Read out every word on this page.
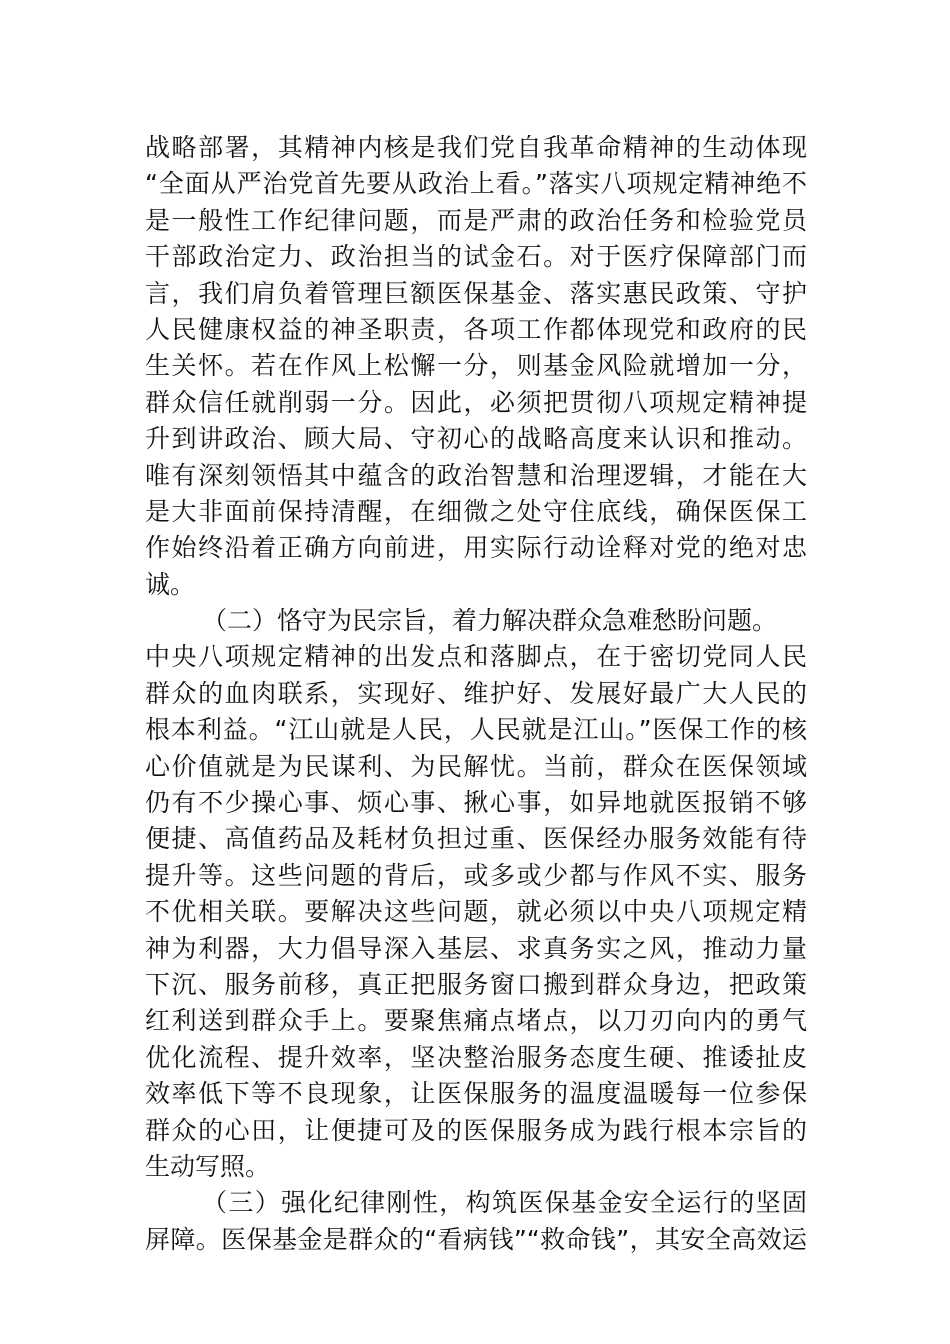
战略部署，其精神内核是我们党自我革命精神的生动体现
“全面从严治党首先要从政治上看。”落实八项规定精神绝不
是一般性工作纪律问题，而是严肃的政治任务和检验党员
干部政治定力、政治担当的试金石。对于医疗保障部门而
言，我们肩负着管理巨额医保基金、落实惠民政策、守护
人民健康权益的神圣职责，各项工作都体现党和政府的民
生关怀。若在作风上松懈一分，则基金风险就增加一分，
群众信任就削弱一分。因此，必须把贯彻八项规定精神提
升到讲政治、顾大局、守初心的战略高度来认识和推动。
唯有深刻领悟其中蕴含的政治智慧和治理逻辑，才能在大
是大非面前保持清醒，在细微之处守住底线，确保医保工
作始终沿着正确方向前进，用实际行动诠释对党的绝对忠
诚。
（二）恪守为民宗旨，着力解决群众急难愁盼问题。
中央八项规定精神的出发点和落脚点，在于密切党同人民
群众的血肉联系，实现好、维护好、发展好最广大人民的
根本利益。“江山就是人民，人民就是江山。”医保工作的核
心价值就是为民谋利、为民解忧。当前，群众在医保领域
仍有不少操心事、烦心事、揪心事，如异地就医报销不够
便捷、高值药品及耗材负担过重、医保经办服务效能有待
提升等。这些问题的背后，或多或少都与作风不实、服务
不优相关联。要解决这些问题，就必须以中央八项规定精
神为利器，大力倡导深入基层、求真务实之风，推动力量
下沉、服务前移，真正把服务窗口搬到群众身边，把政策
红利送到群众手上。要聚焦痛点堵点，以刀刃向内的勇气
优化流程、提升效率，坚决整治服务态度生硬、推诿扯皮
效率低下等不良现象，让医保服务的温度温暖每一位参保
群众的心田，让便捷可及的医保服务成为践行根本宗旨的
生动写照。
（三）强化纪律刚性，构筑医保基金安全运行的坚固
屏障。医保基金是群众的“看病钱”“救命钱”，其安全高效运
